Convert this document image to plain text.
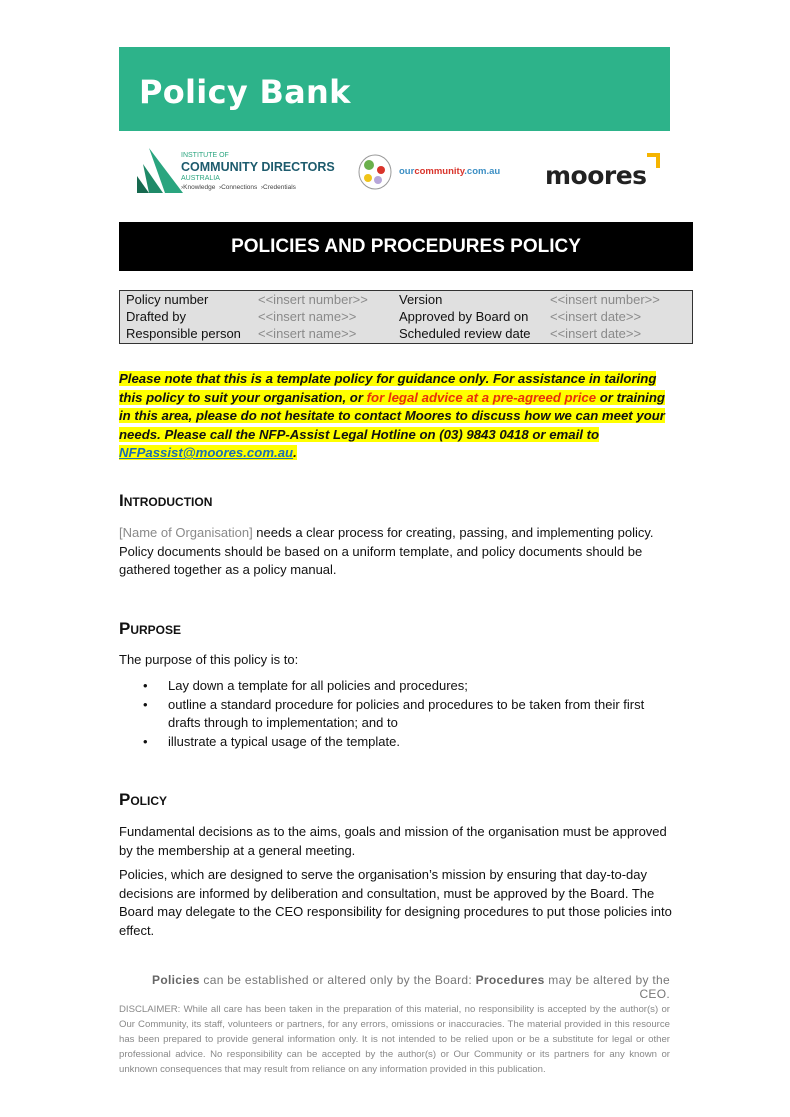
Policy Bank
INSTITUTE OF
COMMUNITY DIRECTORS
AUSTRALIA
›Knowledge  ›Connections  ›Credentials
ourcommunity.com.au moores
POLICIES AND PROCEDURES POLICY
Policy number	<<insert number>> Version	<<insert number>>
Drafted by	<<insert name>>	Approved by Board on <<insert date>>
Responsible person <<insert name>>	Scheduled review date <<insert date>>
Please note that this is a template policy for guidance only. For assistance in tailoring this policy to suit your organisation, or for legal advice at a pre-agreed price or training in this area, please do not hesitate to contact Moores to discuss how we can meet your needs. Please call the NFP-Assist Legal Hotline on (03) 9843 0418 or email to NFPassist@moores.com.au.
Introduction
[Name of Organisation] needs a clear process for creating, passing, and implementing policy. Policy documents should be based on a uniform template, and policy documents should be gathered together as a policy manual.
Purpose
The purpose of this policy is to:
• Lay down a template for all policies and procedures;
• outline a standard procedure for policies and procedures to be taken from their first drafts through to implementation; and to
• illustrate a typical usage of the template.
Policy
Fundamental decisions as to the aims, goals and mission of the organisation must be approved by the membership at a general meeting.
Policies, which are designed to serve the organisation’s mission by ensuring that day-to-day decisions are informed by deliberation and consultation, must be approved by the Board. The Board may delegate to the CEO responsibility for designing procedures to put those policies into effect.
Policies can be established or altered only by the Board: Procedures may be altered by the CEO.
DISCLAIMER: While all care has been taken in the preparation of this material, no responsibility is accepted by the author(s) or Our Community, its staff, volunteers or partners, for any errors, omissions or inaccuracies. The material provided in this resource has been prepared to provide general information only. It is not intended to be relied upon or be a substitute for legal or other professional advice. No responsibility can be accepted by the author(s) or Our Community or its partners for any known or unknown consequences that may result from reliance on any information provided in this publication.
